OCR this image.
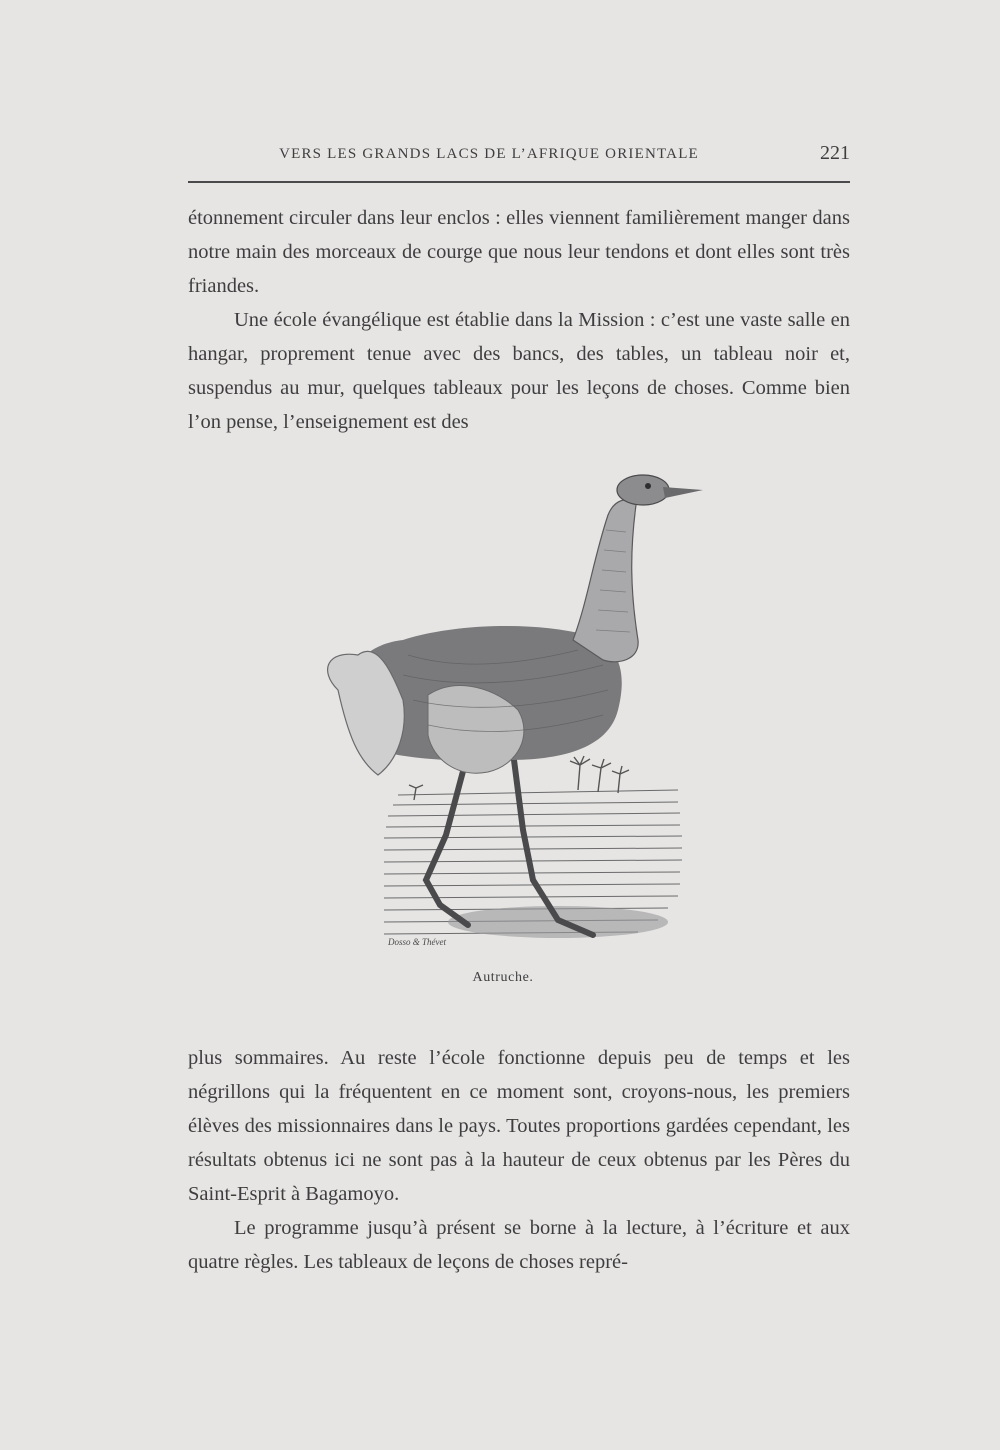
VERS LES GRANDS LACS DE L’AFRIQUE ORIENTALE	221

étonnement circuler dans leur enclos : elles viennent familièrement manger dans notre main des morceaux de courge que nous leur tendons et dont elles sont très friandes.

Une école évangélique est établie dans la Mission : c’est une vaste salle en hangar, proprement tenue avec des bancs, des tables, un tableau noir et, suspendus au mur, quelques tableaux pour les leçons de choses. Comme bien l’on pense, l’enseignement est des

Dosso & Thévet
Autruche.

plus sommaires. Au reste l’école fonctionne depuis peu de temps et les négrillons qui la fréquentent en ce moment sont, croyons-nous, les premiers élèves des missionnaires dans le pays. Toutes proportions gardées cependant, les résultats obtenus ici ne sont pas à la hauteur de ceux obtenus par les Pères du Saint-Esprit à Bagamoyo.

Le programme jusqu’à présent se borne à la lecture, à l’écriture et aux quatre règles. Les tableaux de leçons de choses repré-
